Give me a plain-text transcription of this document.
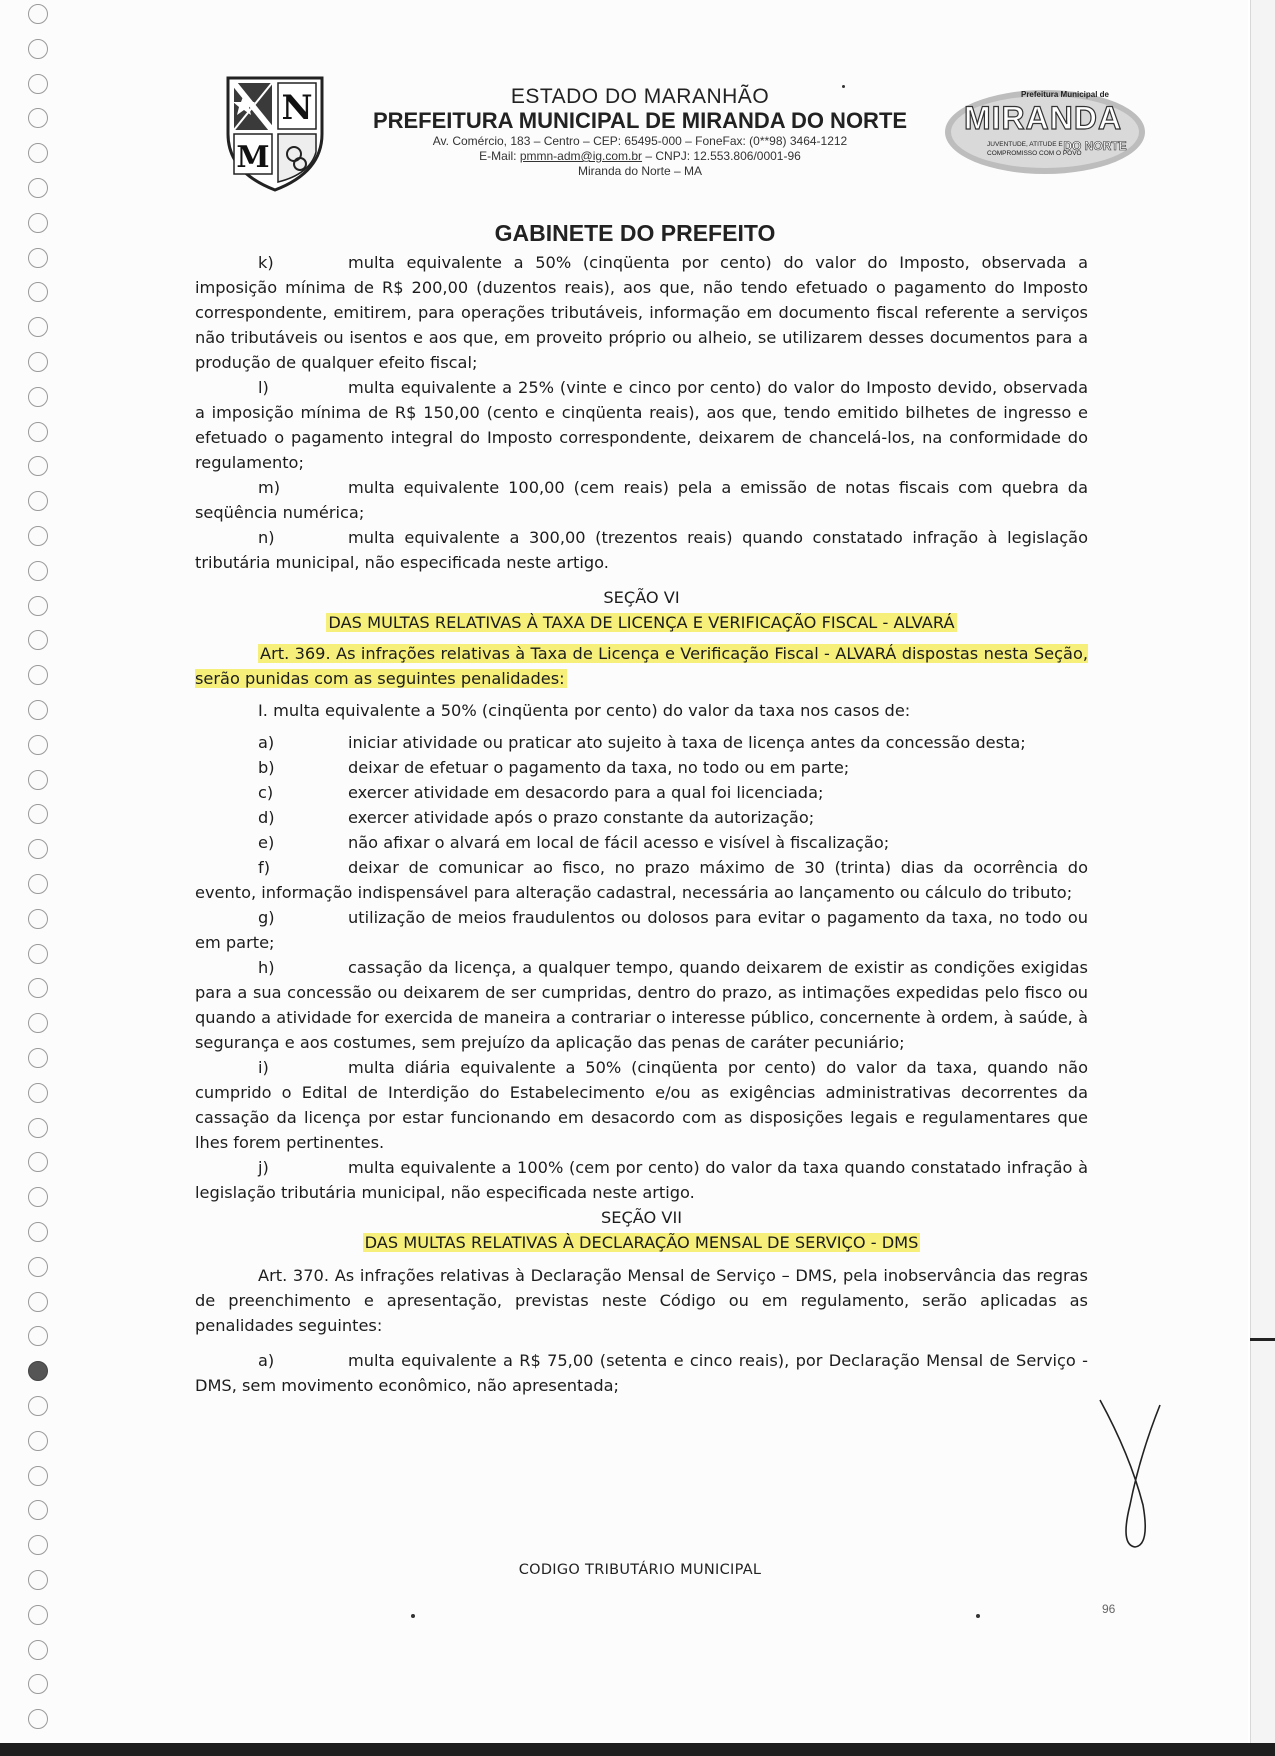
N
M
ESTADO DO MARANHÃO
PREFEITURA MUNICIPAL DE MIRANDA DO NORTE
Av. Comércio, 183 – Centro – CEP: 65495-000 – FoneFax: (0**98) 3464-1212
E-Mail: pmmn-adm@ig.com.br – CNPJ: 12.553.806/0001-96
Miranda do Norte – MA
Prefeitura Municipal de
MIRANDA
JUVENTUDE, ATITUDE E
COMPROMISSO COM O POVO
DO NORTE
GABINETE DO PREFEITO

k)	multa equivalente a 50% (cinqüenta por cento) do valor do Imposto, observada a imposição mínima de R$ 200,00 (duzentos reais), aos que, não tendo efetuado o pagamento do Imposto correspondente, emitirem, para operações tributáveis, informação em documento fiscal referente a serviços não tributáveis ou isentos e aos que, em proveito próprio ou alheio, se utilizarem desses documentos para a produção de qualquer efeito fiscal;

l)	multa equivalente a 25% (vinte e cinco por cento) do valor do Imposto devido, observada a imposição mínima de R$ 150,00 (cento e cinqüenta reais), aos que, tendo emitido bilhetes de ingresso e efetuado o pagamento integral do Imposto correspondente, deixarem de chancelá-los, na conformidade do regulamento;

m)	multa equivalente 100,00 (cem reais) pela a emissão de notas fiscais com quebra da seqüência numérica;

n)	multa equivalente a 300,00 (trezentos reais) quando constatado infração à legislação tributária municipal, não especificada neste artigo.

SEÇÃO VI

DAS MULTAS RELATIVAS À TAXA DE LICENÇA E VERIFICAÇÃO FISCAL - ALVARÁ

Art. 369. As infrações relativas à Taxa de Licença e Verificação Fiscal - ALVARÁ dispostas nesta Seção, serão punidas com as seguintes penalidades:

I. multa equivalente a 50% (cinqüenta por cento) do valor da taxa nos casos de:

a)	iniciar atividade ou praticar ato sujeito à taxa de licença antes da concessão desta;

b)	deixar de efetuar o pagamento da taxa, no todo ou em parte;

c)	exercer atividade em desacordo para a qual foi licenciada;

d)	exercer atividade após o prazo constante da autorização;

e)	não afixar o alvará em local de fácil acesso e visível à fiscalização;

f)	deixar de comunicar ao fisco, no prazo máximo de 30 (trinta) dias da ocorrência do evento, informação indispensável para alteração cadastral, necessária ao lançamento ou cálculo do tributo;

g)	utilização de meios fraudulentos ou dolosos para evitar o pagamento da taxa, no todo ou em parte;

h)	cassação da licença, a qualquer tempo, quando deixarem de existir as condições exigidas para a sua concessão ou deixarem de ser cumpridas, dentro do prazo, as intimações expedidas pelo fisco ou quando a atividade for exercida de maneira a contrariar o interesse público, concernente à ordem, à saúde, à segurança e aos costumes, sem prejuízo da aplicação das penas de caráter pecuniário;

i)	multa diária equivalente a 50% (cinqüenta por cento) do valor da taxa, quando não cumprido o Edital de Interdição do Estabelecimento e/ou as exigências administrativas decorrentes da cassação da licença por estar funcionando em desacordo com as disposições legais e regulamentares que lhes forem pertinentes.

j)	multa equivalente a 100% (cem por cento) do valor da taxa quando constatado infração à legislação tributária municipal, não especificada neste artigo.

SEÇÃO VII

DAS MULTAS RELATIVAS À DECLARAÇÃO MENSAL DE SERVIÇO - DMS

Art. 370. As infrações relativas à Declaração Mensal de Serviço – DMS, pela inobservância das regras de preenchimento e apresentação, previstas neste Código ou em regulamento, serão aplicadas as penalidades seguintes:

a)	multa equivalente a R$ 75,00 (setenta e cinco reais), por Declaração Mensal de Serviço - DMS, sem movimento econômico, não apresentada;

CODIGO TRIBUTÁRIO MUNICIPAL
96
